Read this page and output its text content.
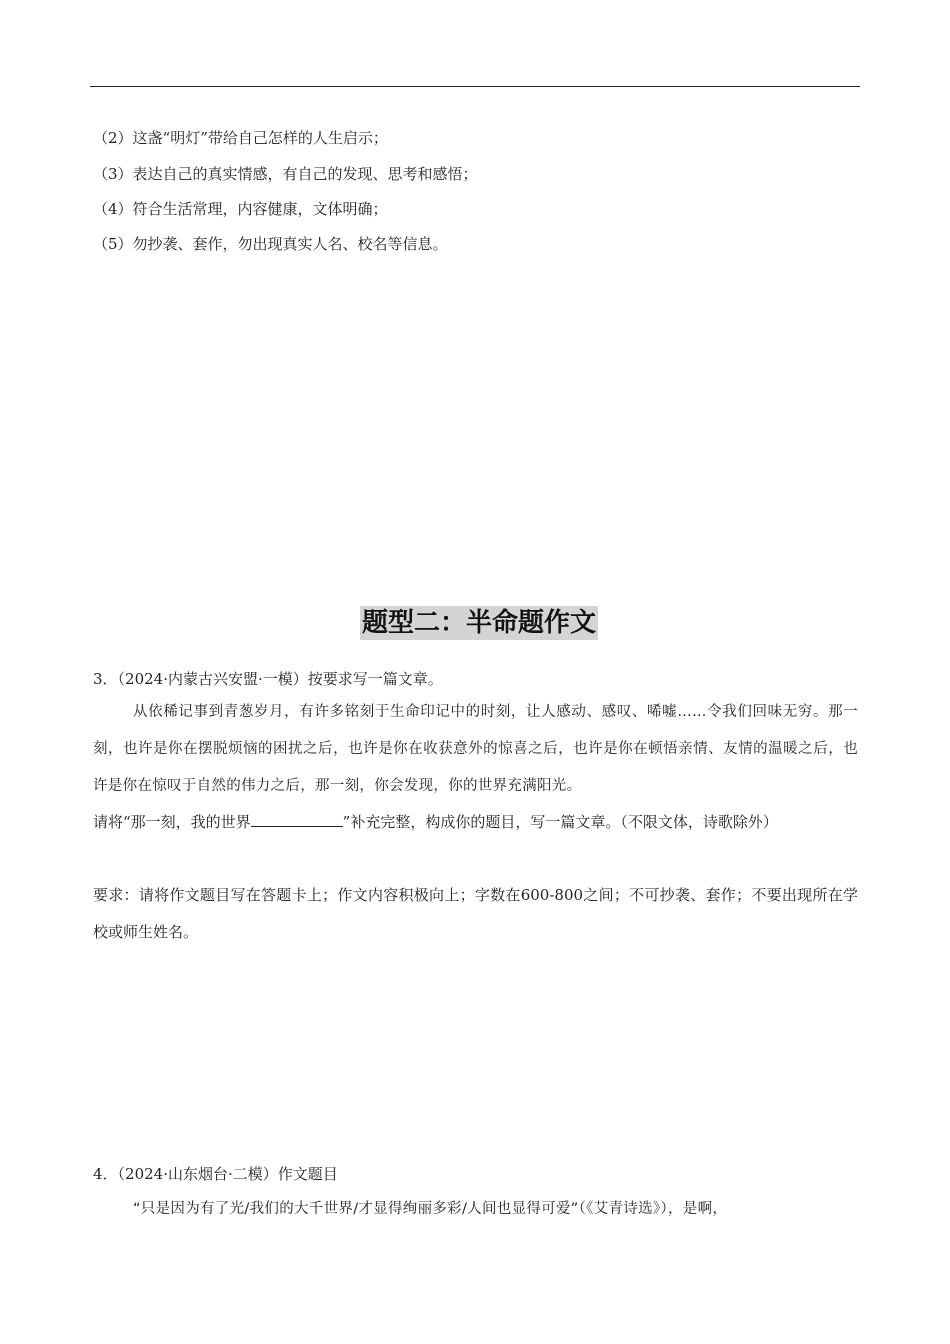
（2）这盏“明灯”带给自己怎样的人生启示；
（3）表达自己的真实情感，有自己的发现、思考和感悟；
（4）符合生活常理，内容健康，文体明确；
（5）勿抄袭、套作，勿出现真实人名、校名等信息。
题型二：半命题作文
3．（2024·内蒙古兴安盟·一模）按要求写一篇文章。
从依稀记事到青葱岁月，有许多铭刻于生命印记中的时刻，让人感动、感叹、唏嘘……令我们回味无穷。那一刻，也许是你在摆脱烦恼的困扰之后，也许是你在收获意外的惊喜之后，也许是你在顿悟亲情、友情的温暖之后，也许是你在惊叹于自然的伟力之后，那一刻，你会发现，你的世界充满阳光。
请将“那一刻，我的世界	”补充完整，构成你的题目，写一篇文章。（不限文体，诗歌除外）
要求：请将作文题目写在答题卡上；作文内容积极向上；字数在600-800之间；不可抄袭、套作；不要出现所在学校或师生姓名。
4．（2024·山东烟台·二模）作文题目
“只是因为有了光/我们的大千世界/才显得绚丽多彩/人间也显得可爱”（《艾青诗选》），是啊，
